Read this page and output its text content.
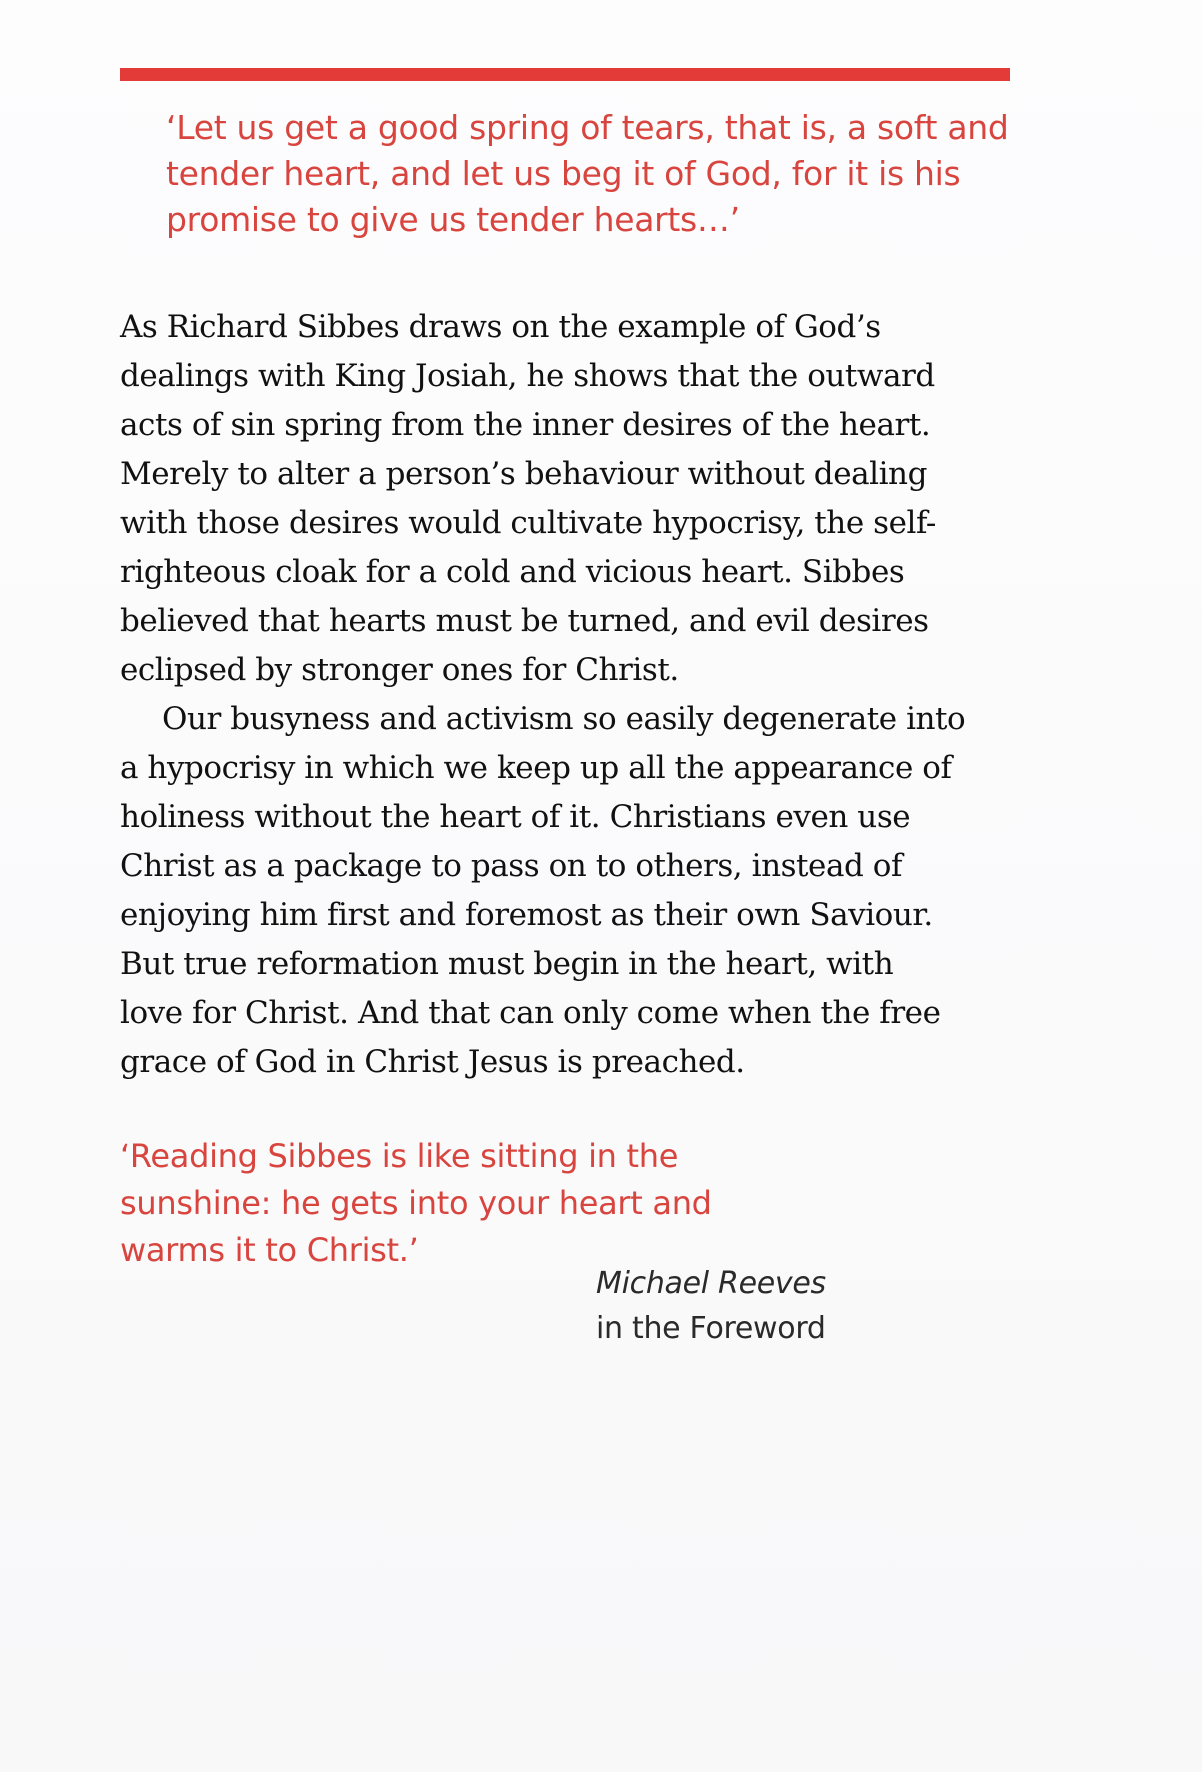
‘Let us get a good spring of tears, that is, a soft and
tender heart, and let us beg it of God, for it is his
promise to give us tender hearts…’
As Richard Sibbes draws on the example of God’s
dealings with King Josiah, he shows that the outward
acts of sin spring from the inner desires of the heart.
Merely to alter a person’s behaviour without dealing
with those desires would cultivate hypocrisy, the self-
righteous cloak for a cold and vicious heart. Sibbes
believed that hearts must be turned, and evil desires
eclipsed by stronger ones for Christ.
Our busyness and activism so easily degenerate into
a hypocrisy in which we keep up all the appearance of
holiness without the heart of it. Christians even use
Christ as a package to pass on to others, instead of
enjoying him first and foremost as their own Saviour.
But true reformation must begin in the heart, with
love for Christ. And that can only come when the free
grace of God in Christ Jesus is preached.
‘Reading Sibbes is like sitting in the
sunshine: he gets into your heart and
warms it to Christ.’
Michael Reeves
in the Foreword
